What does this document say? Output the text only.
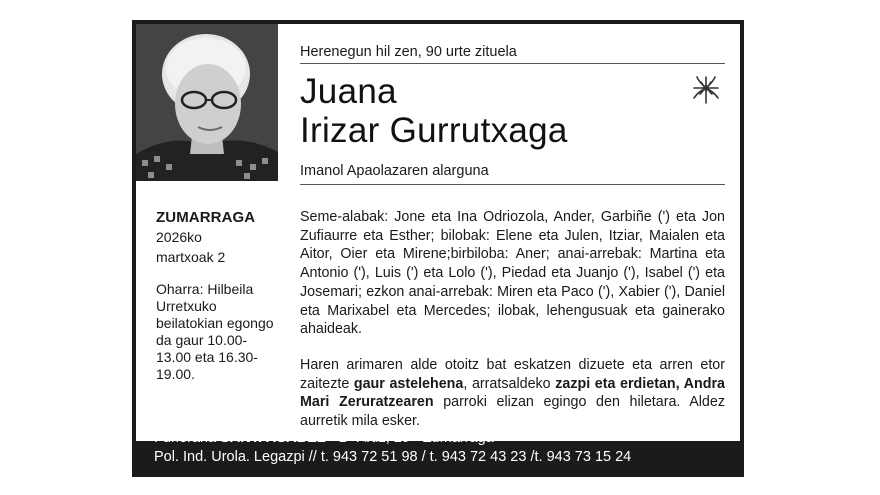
ZUMARRAGA
2026ko
martxoak 2
Oharra: Hilbeila Urretxuko beilatokian egongo da gaur 10.00-13.00 eta 16.30-19.00.
Herenegun hil zen, 90 urte zituela
Juana
Irizar Gurrutxaga
Imanol Apaolazaren alarguna

Seme-alabak: Jone eta Ina Odriozola, Ander, Garbiñe (') eta Jon Zufiaurre eta Esther; bilobak: Elene eta Julen, Itziar, Maialen eta Aitor, Oier eta Mirene;birbiloba: Aner; anai-arrebak: Martina eta Antonio ('), Luis (') eta Lolo ('), Piedad eta Juanjo ('), Isabel (') eta Josemari; ezkon anai-arrebak: Miren eta Paco ('), Xabier ('), Daniel eta Marixabel eta Mercedes; ilobak, lehengusuak eta gainerako ahaideak.

Haren arimaren alde otoitz bat eskatzen dizuete eta arren etor zaitezte gaur astelehena, arratsaldeko zazpi eta erdietan, Andra Mari Zeruratzearen parroki elizan egingo den hiletara. Aldez aurretik mila esker.

Funeraria SANTA ISABEL · Bº Artiz, 29 · Zumarraga
Pol. Ind. Urola. Legazpi // t. 943 72 51 98 / t. 943 72 43 23 /t. 943 73 15 24
